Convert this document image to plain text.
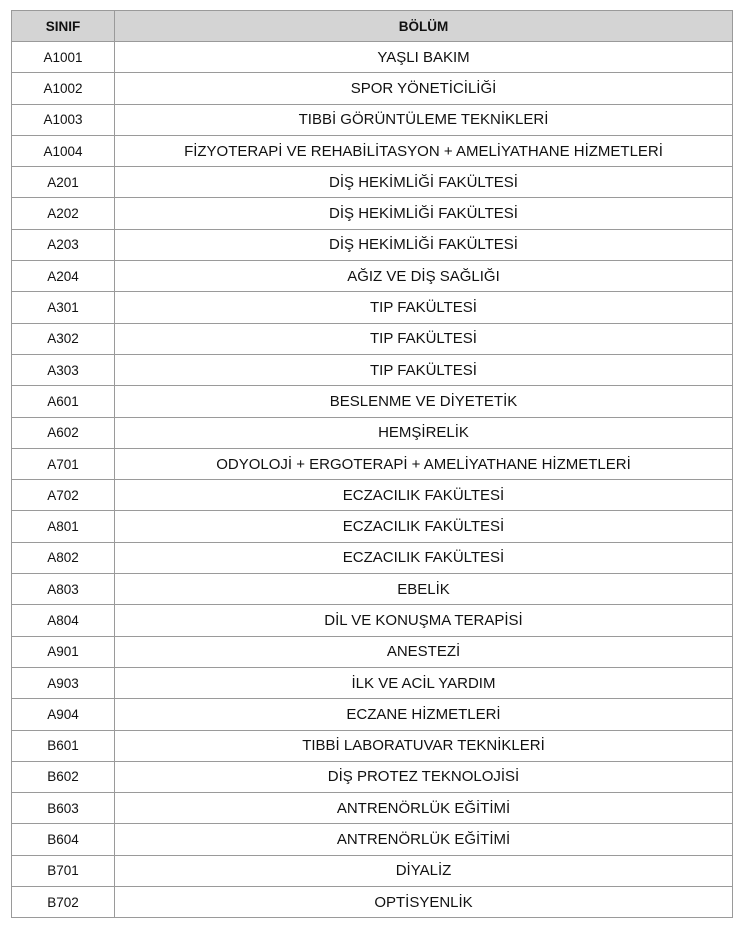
SINIF	BÖLÜM
A1001	YAŞLI BAKIM
A1002	SPOR YÖNETİCİLİĞİ
A1003	TIBBİ GÖRÜNTÜLEME TEKNİKLERİ
A1004	FİZYOTERAPİ VE REHABİLİTASYON + AMELİYATHANE HİZMETLERİ
A201	DİŞ HEKİMLİĞİ FAKÜLTESİ
A202	DİŞ HEKİMLİĞİ FAKÜLTESİ
A203	DİŞ HEKİMLİĞİ FAKÜLTESİ
A204	AĞIZ VE DİŞ SAĞLIĞI
A301	TIP FAKÜLTESİ
A302	TIP FAKÜLTESİ
A303	TIP FAKÜLTESİ
A601	BESLENME VE DİYETETİK
A602	HEMŞİRELİK
A701	ODYOLOJİ + ERGOTERAPİ + AMELİYATHANE HİZMETLERİ
A702	ECZACILIK FAKÜLTESİ
A801	ECZACILIK FAKÜLTESİ
A802	ECZACILIK FAKÜLTESİ
A803	EBELİK
A804	DİL VE KONUŞMA TERAPİSİ
A901	ANESTEZİ
A903	İLK VE ACİL YARDIM
A904	ECZANE HİZMETLERİ
B601	TIBBİ LABORATUVAR TEKNİKLERİ
B602	DİŞ PROTEZ TEKNOLOJİSİ
B603	ANTRENÖRLÜK EĞİTİMİ
B604	ANTRENÖRLÜK EĞİTİMİ
B701	DİYALİZ
B702	OPTİSYENLİK
